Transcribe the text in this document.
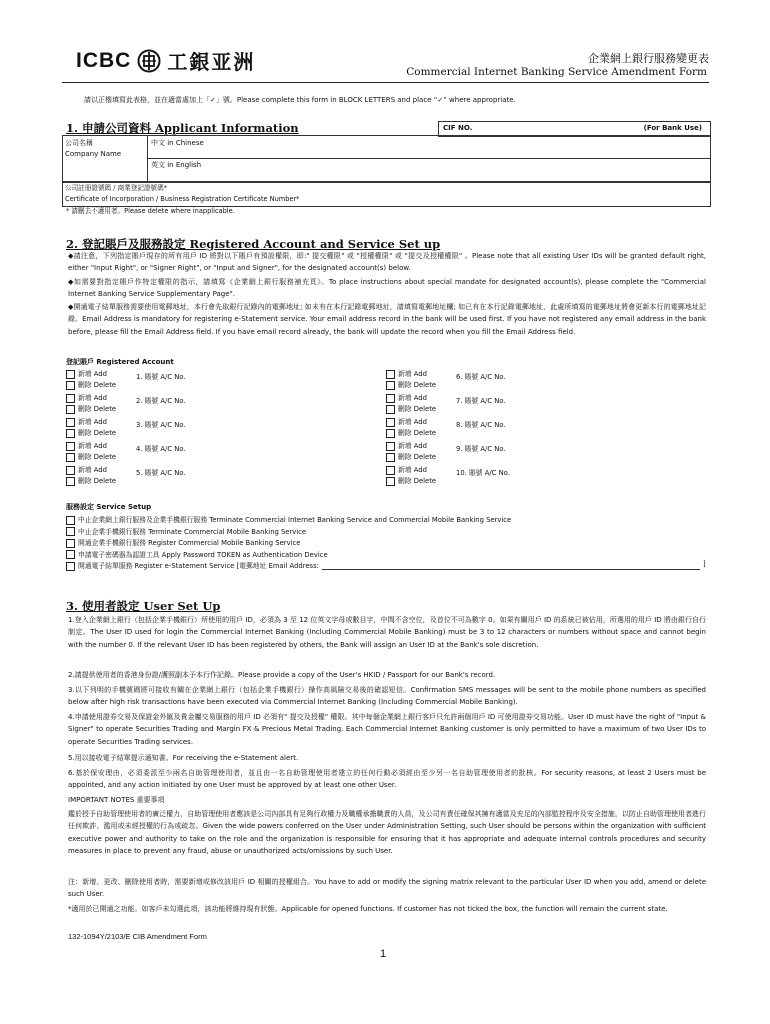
ICBC 工銀亚洲	企業網上銀行服務變更表
Commercial Internet Banking Service Amendment Form
請以正楷填寫此表格，並在適當處加上「✓」號。Please complete this form in BLOCK LETTERS and place “✓” where appropriate.
1. 申請公司資料 Applicant Information	CIF NO.	(For Bank Use)
公司名稱
Company Name
中文 in Chinese
英文 in English
公司註冊證號碼 / 商業登記證號碼*
Certificate of Incorporation / Business Registration Certificate Number*
* 請刪去不適用者。Please delete where inapplicable.
2. 登記賬戶及服務設定 Registered Account and Service Set up
◆請注意，下列指定賬戶現存的所有用戶 ID 將對以下賬戶有預設權限，即:" 提交權限" 或 "授權權限" 或 "提交及授權權限" 。Please note that all existing User IDs will be granted default right, either "Input Right", or "Signer Right", or "Input and Signer", for the designated account(s) below.
◆如需要對指定賬戶作特定權限的指示，請填寫《企業網上銀行服務補充頁》。To place instructions about special mandate for designated account(s), please complete the "Commercial Internet Banking Service Supplementary Page".
◆開通電子結單服務需要使用電郵地址，本行會先取銀行記錄內的電郵地址; 如未有在本行記錄電郵地址，請填寫電郵地址欄; 如已有在本行記錄電郵地址，此處所填寫的電郵地址將會更新本行的電郵地址記錄。Email Address is mandatory for registering e-Statement service. Your email address record in the bank will be used first. If you have not registered any email address in the bank before, please fill the Email Address field. If you have email record already, the bank will update the record when you fill the Email Address field.
登記賬戶 Registered Account
新增 Add
刪除 Delete
1. 賬號 A/C No.
新增 Add
刪除 Delete
2. 賬號 A/C No.
新增 Add
刪除 Delete
3. 賬號 A/C No.
新增 Add
刪除 Delete
4. 賬號 A/C No.
新增 Add
刪除 Delete
5. 賬號 A/C No.
新增 Add
刪除 Delete
6. 賬號 A/C No.
新增 Add
刪除 Delete
7. 賬號 A/C No.
新增 Add
刪除 Delete
8. 賬號 A/C No.
新增 Add
刪除 Delete
9. 賬號 A/C No.
新增 Add
刪除 Delete
10. 賬號 A/C No.
服務設定 Service Setup
中止企業網上銀行服務及企業手機銀行服務 Terminate Commercial Internet Banking Service and Commercial Mobile Banking Service
中止企業手機銀行服務 Terminate Commercial Mobile Banking Service
開通企業手機銀行服務 Register Commercial Mobile Banking Service
申請電子密碼器為認證工具 Apply Password TOKEN as Authentication Device
開通電子結單服務 Register e-Statement Service [電郵地址 Email Address:	]
3. 使用者設定 User Set Up
1.登入企業網上銀行（包括企業手機銀行）所使用的用戶 ID，必須為 3 至 12 位英文字母或數目字，中間不含空位，及首位不可為數字 0。如果有關用戶 ID 的系統已被佔用，所選用的用戶 ID 將由銀行自行制定。The User ID used for login the Commercial Internet Banking (Including Commercial Mobile Banking) must be 3 to 12 characters or numbers without space and cannot begin with the number 0. If the relevant User ID has been registered by others, the Bank will assign an User ID at the Bank's sole discretion.
2.請提供使用者的香港身份證/護照副本予本行作記錄。Please provide a copy of the User's HKID / Passport for our Bank's record.
3.以下列明的手機號碼將可接收有關在企業網上銀行（包括企業手機銀行）操作高風險交易後的確認短信。Confirmation SMS messages will be sent to the mobile phone numbers as specified below after high risk transactions have been executed via Commercial Internet Banking (Including Commercial Mobile Banking).
4.申請使用證券交易及保證金外匯及貴金屬交易服務的用戶 ID 必須有" 提交及授權" 權限。其中每個企業網上銀行客戶只允許兩個用戶 ID 可使用證券交易功能。User ID must have the right of "Input & Signer" to operate Securities Trading and Margin FX & Precious Metal Trading. Each Commercial Internet Banking customer is only permitted to have a maximum of two User IDs to operate Securities Trading services.
5.用以接收電子結單提示通知書。For receiving the e-Statement alert.
6.基於保安理由，必須委派至少兩名自助管理使用者，並且由一名自助管理使用者建立的任何行動必須經由至少另一名自助管理使用者的批核。For security reasons, at least 2 Users must be appointed, and any action initiated by one User must be approved by at least one other User.
IMPORTANT NOTES 重要事項
鑑於授予自助管理使用者的廣泛權力，自助管理使用者應該是公司內部具有足夠行政權力及職權承擔職責的人員，及公司有責任確保其擁有適當及充足的內部監控程序及安全措施，以防止自助管理使用者進行任何欺詐、濫用或未經授權的行為或疏忽。Given the wide powers conferred on the User under Administration Setting, such User should be persons within the organization with sufficient executive power and authority to take on the role and the organization is responsible for ensuring that it has appropriate and adequate internal controls procedures and security measures in place to prevent any fraud, abuse or unauthorized acts/omissions by such User.
注：新增、更改、刪除使用者時，需要新增或修改該用戶 ID 相關的授權組合。You have to add or modify the signing matrix relevant to the particular User ID when you add, amend or delete such User.
*適用於已開通之功能。如客戶未勾選此項，該功能將維持現有狀態。Applicable for opened functions. If customer has not ticked the box, the function will remain the current state.
132-1094Y/2103/E CIB Amendment Form
1
